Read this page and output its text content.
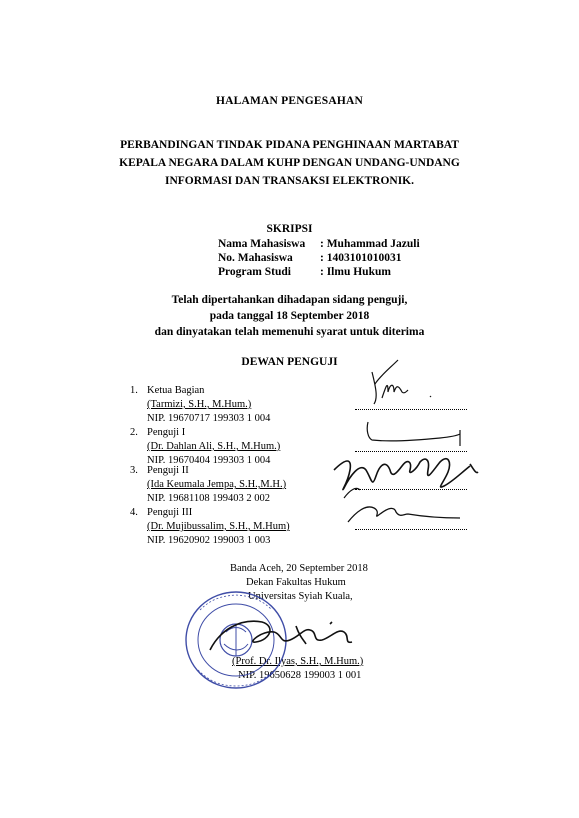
HALAMAN PENGESAHAN
PERBANDINGAN TINDAK PIDANA PENGHINAAN MARTABAT
KEPALA NEGARA DALAM KUHP DENGAN UNDANG-UNDANG
INFORMASI DAN TRANSAKSI ELEKTRONIK.
SKRIPSI
Nama Mahasiswa : Muhammad Jazuli
No. Mahasiswa : 1403101010031
Program Studi	: Ilmu Hukum
Telah dipertahankan dihadapan sidang penguji,
pada tanggal 18 September 2018
dan dinyatakan telah memenuhi syarat untuk diterima
DEWAN PENGUJI
1. Ketua Bagian
(Tarmizi, S.H., M.Hum.)
NIP. 19670717 199303 1 004
2. Penguji I
(Dr. Dahlan Ali, S.H., M.Hum.)
NIP. 19670404 199303 1 004
3. Penguji II
(Ida Keumala Jempa, S.H.,M.H.)
NIP. 19681108 199403 2 002
4. Penguji III
(Dr. Mujibussalim, S.H., M.Hum)
NIP. 19620902 199003 1 003
Banda Aceh, 20 September 2018
Dekan Fakultas Hukum
Universitas Syiah Kuala,
(Prof. Dr. Ilyas, S.H., M.Hum.)
NIP. 19650628 199003 1 001
